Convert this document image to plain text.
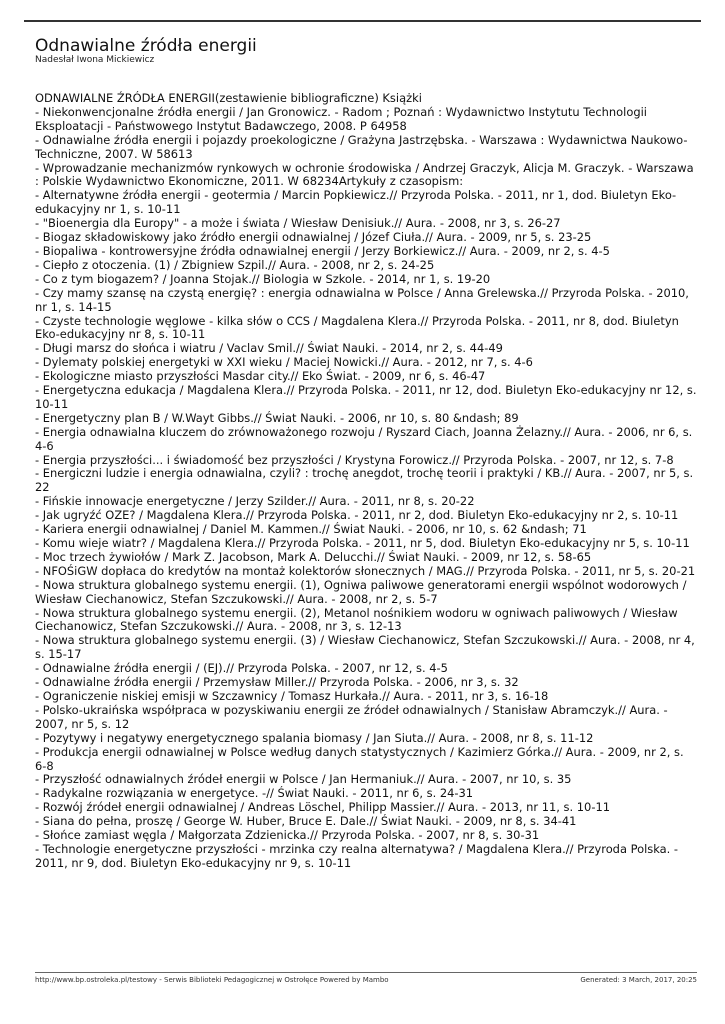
Odnawialne źródła energii
Nadesłał Iwona Mickiewicz
ODNAWIALNE ŹRÓDŁA ENERGII(zestawienie bibliograficzne) Książki
- Niekonwencjonalne źródła energii / Jan Gronowicz. - Radom ; Poznań : Wydawnictwo Instytutu Technologii Eksploatacji - Państwowego Instytut Badawczego, 2008. P 64958
- Odnawialne źródła energii i pojazdy proekologiczne / Grażyna Jastrzębska. - Warszawa : Wydawnictwa Naukowo-Techniczne, 2007. W 58613
- Wprowadzanie mechanizmów rynkowych w ochronie środowiska / Andrzej Graczyk, Alicja M. Graczyk. - Warszawa : Polskie Wydawnictwo Ekonomiczne, 2011. W 68234Artykuły z czasopism:
- Alternatywne źródła energii - geotermia / Marcin Popkiewicz.// Przyroda Polska. - 2011, nr 1, dod. Biuletyn Eko-edukacyjny nr 1, s. 10-11
- "Bioenergia dla Europy" - a może i świata / Wiesław Denisiuk.// Aura. - 2008, nr 3, s. 26-27
- Biogaz składowiskowy jako źródło energii odnawialnej / Józef Ciuła.// Aura. - 2009, nr 5, s. 23-25
- Biopaliwa - kontrowersyjne źródła odnawialnej energii / Jerzy Borkiewicz.// Aura. - 2009, nr 2, s. 4-5
- Ciepło z otoczenia. (1) / Zbigniew Szpil.// Aura. - 2008, nr 2, s. 24-25
- Co z tym biogazem? / Joanna Stojak.// Biologia w Szkole. - 2014, nr 1, s. 19-20
- Czy mamy szansę na czystą energię? : energia odnawialna w Polsce / Anna Grelewska.// Przyroda Polska. - 2010, nr 1, s. 14-15
- Czyste technologie węglowe - kilka słów o CCS / Magdalena Klera.// Przyroda Polska. - 2011, nr 8, dod. Biuletyn Eko-edukacyjny nr 8, s. 10-11
- Długi marsz do słońca i wiatru / Vaclav Smil.// Świat Nauki. - 2014, nr 2, s. 44-49
- Dylematy polskiej energetyki w XXI wieku / Maciej Nowicki.// Aura. - 2012, nr 7, s. 4-6
- Ekologiczne miasto przyszłości Masdar city.// Eko Świat. - 2009, nr 6, s. 46-47
- Energetyczna edukacja / Magdalena Klera.// Przyroda Polska. - 2011, nr 12, dod. Biuletyn Eko-edukacyjny nr 12, s. 10-11
- Energetyczny plan B / W.Wayt Gibbs.// Świat Nauki. - 2006, nr 10, s. 80 &ndash; 89
- Energia odnawialna kluczem do zrównoważonego rozwoju / Ryszard Ciach, Joanna Żelazny.// Aura. - 2006, nr 6, s. 4-6
- Energia przyszłości... i świadomość bez przyszłości / Krystyna Forowicz.// Przyroda Polska. - 2007, nr 12, s. 7-8
- Energiczni ludzie i energia odnawialna, czyli? : trochę anegdot, trochę teorii i praktyki / KB.// Aura. - 2007, nr 5, s. 22
- Fińskie innowacje energetyczne / Jerzy Szilder.// Aura. - 2011, nr 8, s. 20-22
- Jak ugryźć OZE? / Magdalena Klera.// Przyroda Polska. - 2011, nr 2, dod. Biuletyn Eko-edukacyjny nr 2, s. 10-11
- Kariera energii odnawialnej / Daniel M. Kammen.// Świat Nauki. - 2006, nr 10, s. 62 &ndash; 71
- Komu wieje wiatr? / Magdalena Klera.// Przyroda Polska. - 2011, nr 5, dod. Biuletyn Eko-edukacyjny nr 5, s. 10-11
- Moc trzech żywiołów / Mark Z. Jacobson, Mark A. Delucchi.// Świat Nauki. - 2009, nr 12, s. 58-65
- NFOŚiGW dopłaca do kredytów na montaż kolektorów słonecznych / MAG.// Przyroda Polska. - 2011, nr 5, s. 20-21
- Nowa struktura globalnego systemu energii. (1), Ogniwa paliwowe generatorami energii wspólnot wodorowych / Wiesław Ciechanowicz, Stefan Szczukowski.// Aura. - 2008, nr 2, s. 5-7
- Nowa struktura globalnego systemu energii. (2), Metanol nośnikiem wodoru w ogniwach paliwowych / Wiesław Ciechanowicz, Stefan Szczukowski.// Aura. - 2008, nr 3, s. 12-13
- Nowa struktura globalnego systemu energii. (3) / Wiesław Ciechanowicz, Stefan Szczukowski.// Aura. - 2008, nr 4, s. 15-17
- Odnawialne źródła energii / (EJ).// Przyroda Polska. - 2007, nr 12, s. 4-5
- Odnawialne źródła energii / Przemysław Miller.// Przyroda Polska. - 2006, nr 3, s. 32
- Ograniczenie niskiej emisji w Szczawnicy / Tomasz Hurkała.// Aura. - 2011, nr 3, s. 16-18
- Polsko-ukraińska współpraca w pozyskiwaniu energii ze źródeł odnawialnych / Stanisław Abramczyk.// Aura. - 2007, nr 5, s. 12
- Pozytywy i negatywy energetycznego spalania biomasy / Jan Siuta.// Aura. - 2008, nr 8, s. 11-12
- Produkcja energii odnawialnej w Polsce według danych statystycznych / Kazimierz Górka.// Aura. - 2009, nr 2, s. 6-8
- Przyszłość odnawialnych źródeł energii w Polsce / Jan Hermaniuk.// Aura. - 2007, nr 10, s. 35
- Radykalne rozwiązania w energetyce. -// Świat Nauki. - 2011, nr 6, s. 24-31
- Rozwój źródeł energii odnawialnej / Andreas Löschel, Philipp Massier.// Aura. - 2013, nr 11, s. 10-11
- Siana do pełna, proszę / George W. Huber, Bruce E. Dale.// Świat Nauki. - 2009, nr 8, s. 34-41
- Słońce zamiast węgla / Małgorzata Zdzienicka.// Przyroda Polska. - 2007, nr 8, s. 30-31
- Technologie energetyczne przyszłości - mrzinka czy realna alternatywa? / Magdalena Klera.// Przyroda Polska. - 2011, nr 9, dod. Biuletyn Eko-edukacyjny nr 9, s. 10-11
http://www.bp.ostroleka.pl/testowy - Serwis Biblioteki Pedagogicznej w Ostrołęce Powered by Mambo	Generated: 3 March, 2017, 20:25
